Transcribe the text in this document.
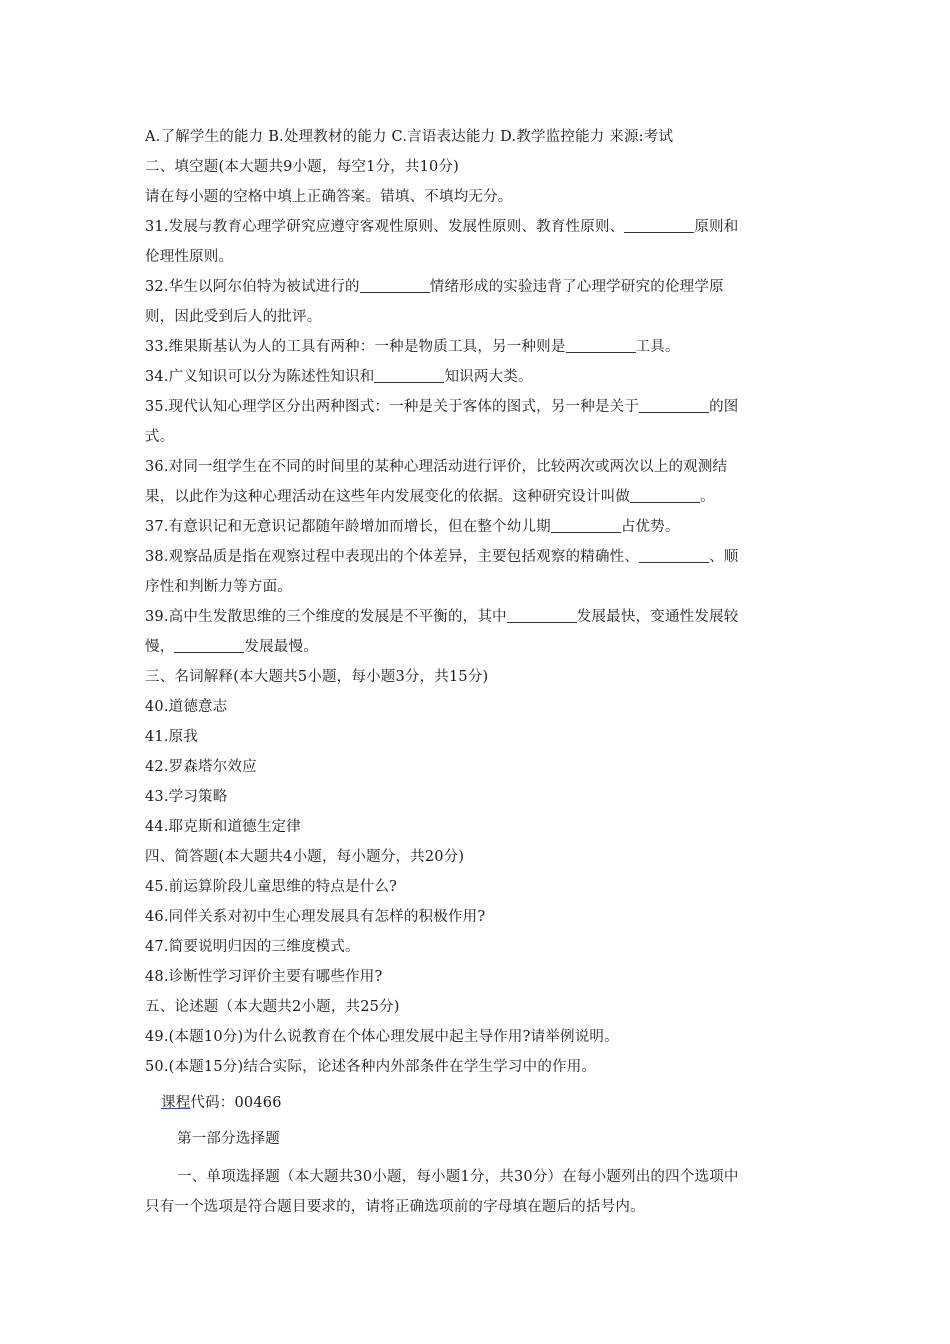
A.了解学生的能力 B.处理教材的能力 C.言语表达能力 D.教学监控能力 来源:考试
二、填空题(本大题共9小题，每空1分，共10分)
请在每小题的空格中填上正确答案。错填、不填均无分。
31.发展与教育心理学研究应遵守客观性原则、发展性原则、教育性原则、	原则和
伦理性原则。
32.华生以阿尔伯特为被试进行的	情绪形成的实验违背了心理学研究的伦理学原
则，因此受到后人的批评。
33.维果斯基认为人的工具有两种：一种是物质工具，另一种则是	工具。
34.广义知识可以分为陈述性知识和	知识两大类。
35.现代认知心理学区分出两种图式：一种是关于客体的图式，另一种是关于	的图
式。
36.对同一组学生在不同的时间里的某种心理活动进行评价，比较两次或两次以上的观测结
果，以此作为这种心理活动在这些年内发展变化的依据。这种研究设计叫做	。
37.有意识记和无意识记都随年龄增加而增长，但在整个幼儿期	占优势。
38.观察品质是指在观察过程中表现出的个体差异，主要包括观察的精确性、	、顺
序性和判断力等方面。
39.高中生发散思维的三个维度的发展是不平衡的，其中	发展最快，变通性发展较
慢，	发展最慢。
三、名词解释(本大题共5小题，每小题3分，共15分)
40.道德意志
41.原我
42.罗森塔尔效应
43.学习策略
44.耶克斯和道德生定律
四、简答题(本大题共4小题，每小题分，共20分)
45.前运算阶段儿童思维的特点是什么?
46.同伴关系对初中生心理发展具有怎样的积极作用?
47.简要说明归因的三维度模式。
48.诊断性学习评价主要有哪些作用?
五、论述题（本大题共2小题，共25分)
49.(本题10分)为什么说教育在个体心理发展中起主导作用?请举例说明。
50.(本题15分)结合实际，论述各种内外部条件在学生学习中的作用。
课程代码：00466
第一部分选择题
一、单项选择题（本大题共30小题，每小题1分，共30分）在每小题列出的四个选项中
只有一个选项是符合题目要求的，请将正确选项前的字母填在题后的括号内。
